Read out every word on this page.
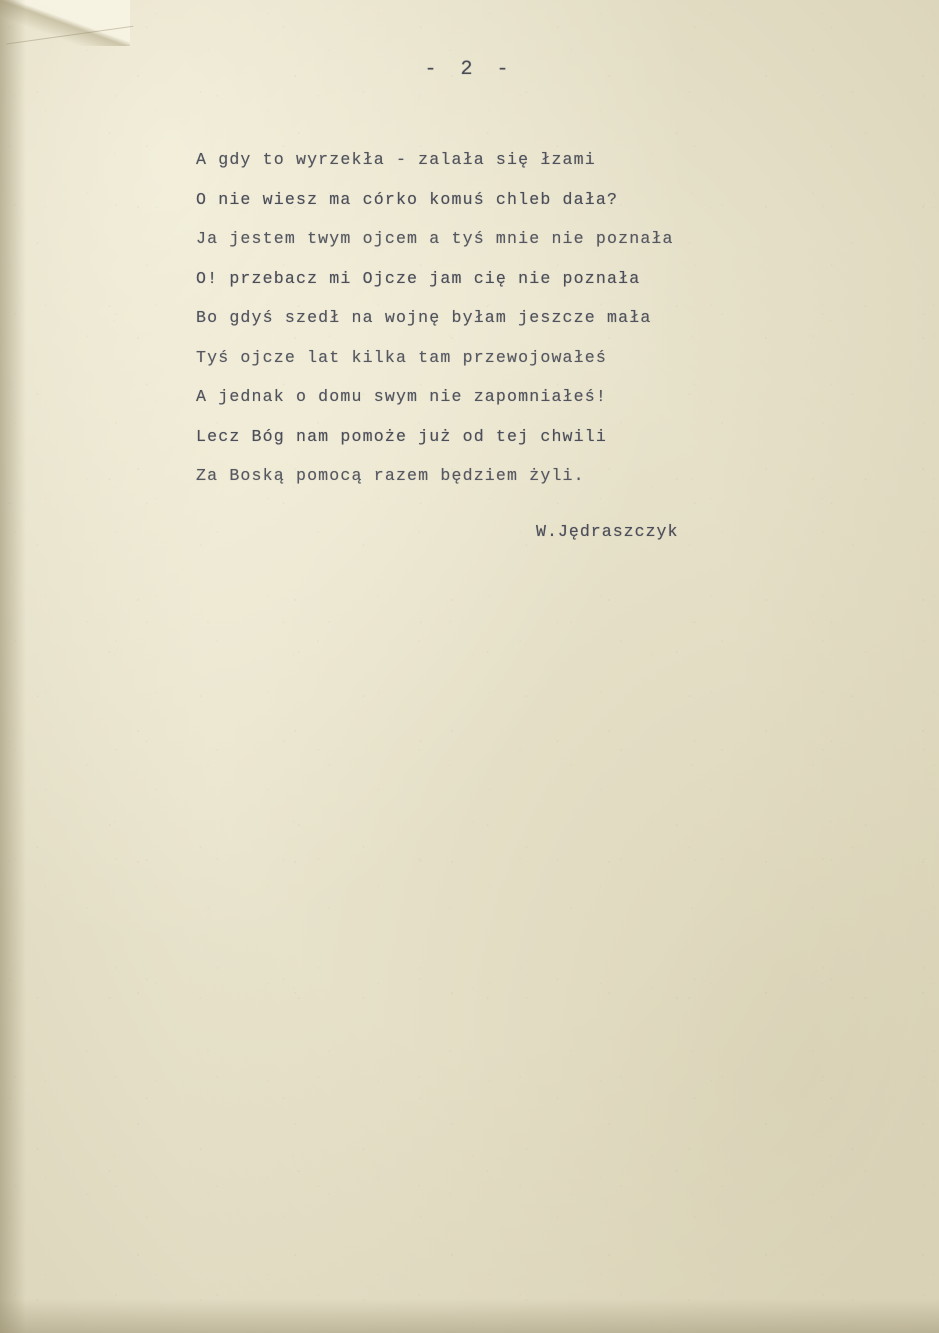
- 2 -
A gdy to wyrzekła - zalała się łzami
O nie wiesz ma córko komuś chleb dała?
Ja jestem twym ojcem a tyś mnie nie poznała
O! przebacz mi Ojcze jam cię nie poznała
Bo gdyś szedł na wojnę byłam jeszcze mała
Tyś ojcze lat kilka tam przewojowałeś
A jednak o domu swym nie zapomniałeś!
Lecz Bóg nam pomoże już od tej chwili
Za Boską pomocą razem będziem żyli.
W.Jędraszczyk
